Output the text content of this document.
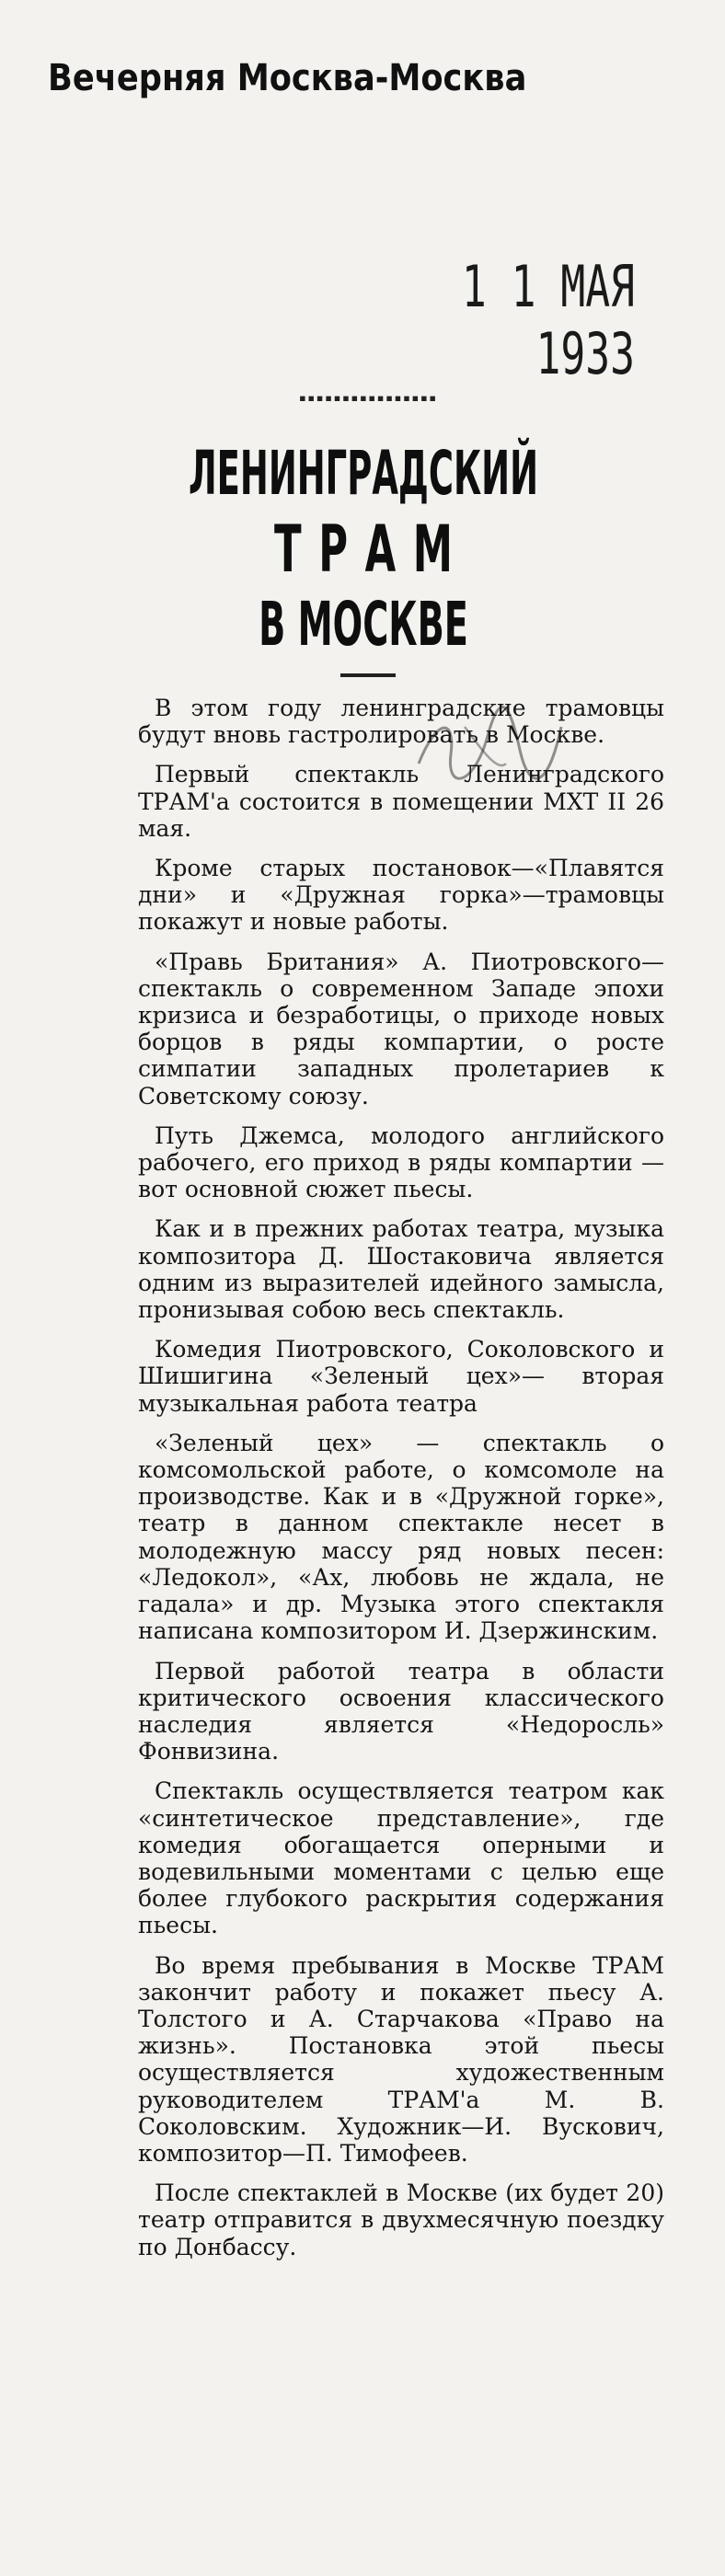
Вечерняя Москва-Москва
1 1 МАЯ 1933
▪▪▪▪▪▪▪▪▪▪▪▪▪▪▪▪
ЛЕНИНГРАДСКИЙ
ТРАМ
В МОСКВЕ

В этом году ленинградские трамовцы будут вновь гастролировать в Москве.

Первый спектакль Ленинградского ТРАМ'а состоится в помещении МХТ II 26 мая.

Кроме старых постановок—«Плавятся дни» и «Дружная горка»—трамовцы покажут и новые работы.

«Правь Британия» А. Пиотровского—спектакль о современном Западе эпохи кризиса и безработицы, о приходе новых борцов в ряды компартии, о росте симпатии западных пролетариев к Советскому союзу.

Путь Джемса, молодого английского рабочего, его приход в ряды компартии — вот основной сюжет пьесы.

Как и в прежних работах театра, музыка композитора Д. Шостаковича является одним из выразителей идейного замысла, пронизывая собою весь спектакль.

Комедия Пиотровского, Соколовского и Шишигина «Зеленый цех»— вторая музыкальная работа театра

«Зеленый цех» — спектакль о комсомольской работе, о комсомоле на производстве. Как и в «Дружной горке», театр в данном спектакле несет в молодежную массу ряд новых песен: «Ледокол», «Ах, любовь не ждала, не гадала» и др. Музыка этого спектакля написана композитором И. Дзержинским.

Первой работой театра в области критического освоения классического наследия является «Недоросль» Фонвизина.

Спектакль осуществляется театром как «синтетическое представление», где комедия обогащается оперными и водевильными моментами с целью еще более глубокого раскрытия содержания пьесы.

Во время пребывания в Москве ТРАМ закончит работу и покажет пьесу А. Толстого и А. Старчакова «Право на жизнь». Постановка этой пьесы осуществляется художественным руководителем ТРАМ'а М. В. Соколовским. Художник—И. Вускович, композитор—П. Тимофеев.

После спектаклей в Москве (их будет 20) театр отправится в двухмесячную поездку по Донбассу.
